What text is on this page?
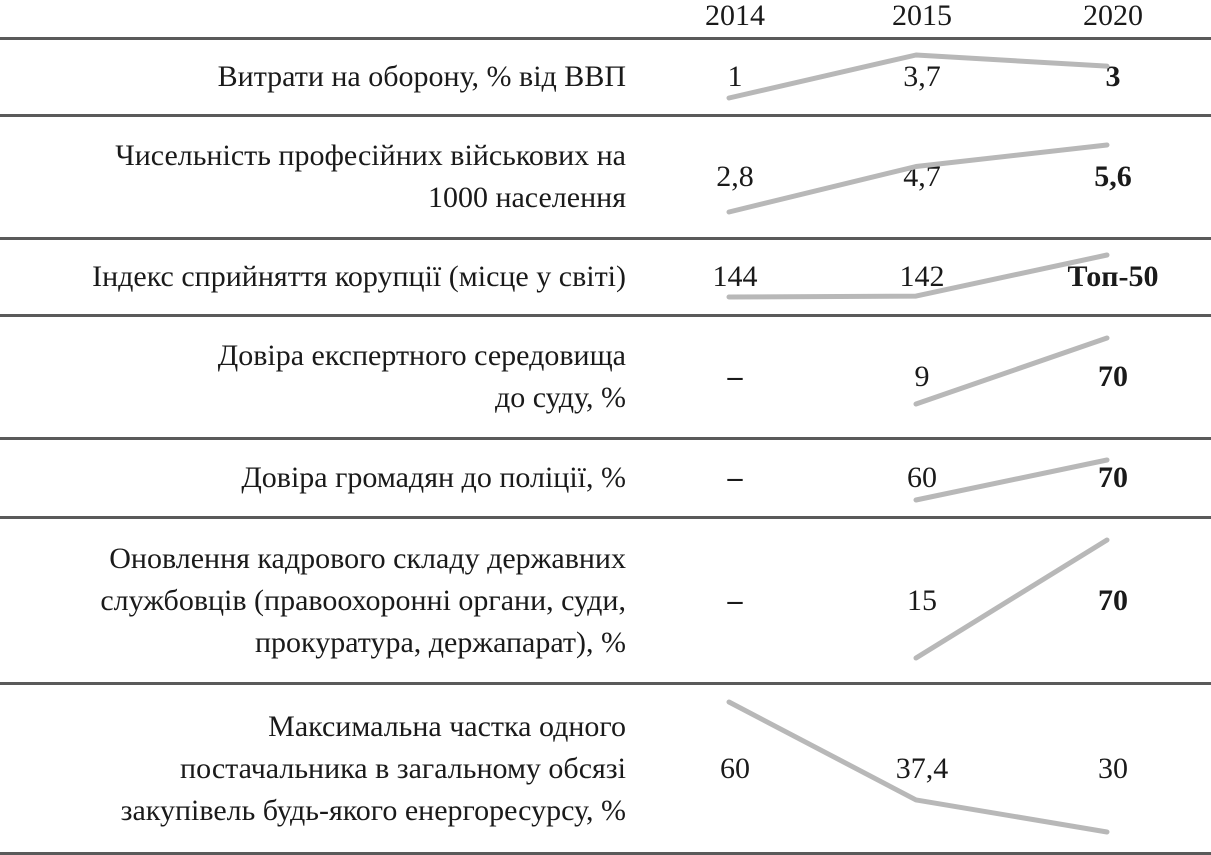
2014	2015	2020
Витрати на оборону, % від ВВП	1	3,7	3
Чисельність професійних військових на
1000 населення
2,8	4,7	5,6
Індекс сприйняття корупції (місце у світі)	144	142	Топ-50
Довіра експертного середовища
до суду, %
–	9	70
Довіра громадян до поліції, %	–	60	70
Оновлення кадрового складу державних
службовців (правоохоронні органи, суди,
прокуратура, держапарат), %
–	15	70
Максимальна частка одного
постачальника в загальному обсязі
закупівель будь-якого енергоресурсу, %
60	37,4	30
